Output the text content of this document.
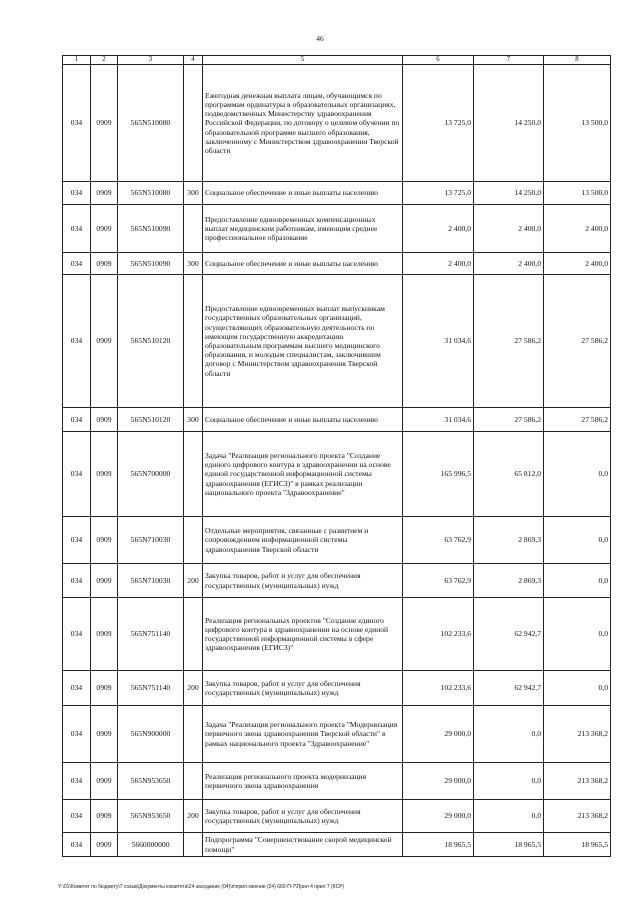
46
1	2	3	4	5	6	7	8
034	0909	565N510080		Ежегодная денежная выплата лицам, обучающимся по программам ординатуры в образовательных организациях, подведомственных Министерству здравоохранения Российской Федерации, по договору о целевом обучении по образовательной программе высшего образования, заключенному с Министерством здравоохранения Тверской области	13 725,0	14 250,0	13 500,0
034	0909	565N510080	300	Социальное обеспечение и иные выплаты населению	13 725,0	14 250,0	13 500,0
034	0909	565N510090		Предоставление единовременных компенсационных выплат медицинским работникам, имеющим среднее профессиональное образование	2 400,0	2 400,0	2 400,0
034	0909	565N510090	300	Социальное обеспечение и иные выплаты населению	2 400,0	2 400,0	2 400,0
034	0909	565N510120		Предоставление единовременных выплат выпускникам государственных образовательных организаций, осуществляющих образовательную деятельность по имеющим государственную аккредитацию образовательным программам высшего медицинского образования, и молодым специалистам, заключившим договор с Министерством здравоохранения Тверской области	31 034,6	27 586,2	27 586,2
034	0909	565N510120	300	Социальное обеспечение и иные выплаты населению	31 034,6	27 586,2	27 586,2
034	0909	565N700000		Задача "Реализация регионального проекта "Создание единого цифрового контура в здравоохранении на основе единой государственной информационной системы здравоохранения (ЕГИСЗ)" в рамках реализации национального проекта "Здравоохранение"	165 996,5	65 812,0	0,0
034	0909	565N710030		Отдельные мероприятия, связанные с развитием и сопровождением информационной системы здравоохранения Тверской области	63 762,9	2 869,3	0,0
034	0909	565N710030	200	Закупка товаров, работ и услуг для обеспечения государственных (муниципальных) нужд	63 762,9	2 869,3	0,0
034	0909	565N751140		Реализация региональных проектов "Создание единого цифрового контура в здравоохранении на основе единой государственной информационной системы в сфере здравоохранения (ЕГИСЗ)"	102 233,6	62 942,7	0,0
034	0909	565N751140	200	Закупка товаров, работ и услуг для обеспечения государственных (муниципальных) нужд	102 233,6	62 942,7	0,0
034	0909	565N900000		Задача "Реализация регионального проекта "Модернизация первичного звена здравоохранения Тверской области" в рамках национального проекта "Здравоохранение"	29 000,0	0,0	213 368,2
034	0909	565N953650		Реализация регионального проекта модернизация первичного звена здравоохранения	29 000,0	0,0	213 368,2
034	0909	565N953650	200	Закупка товаров, работ и услуг для обеспечения государственных (муниципальных) нужд	29 000,0	0,0	213 368,2
034	0909	5660000000		Подпрограмма "Совершенствование скорой медицинской помощи"	18 965,5	18 965,5	18 965,5
Y:\01\Комитет по бюджету\7 созыв\Документы комитета\24 заседание (04)\п\прил.ожение (24) 660-П-7\Прил 4 прил 7 (КСР)
